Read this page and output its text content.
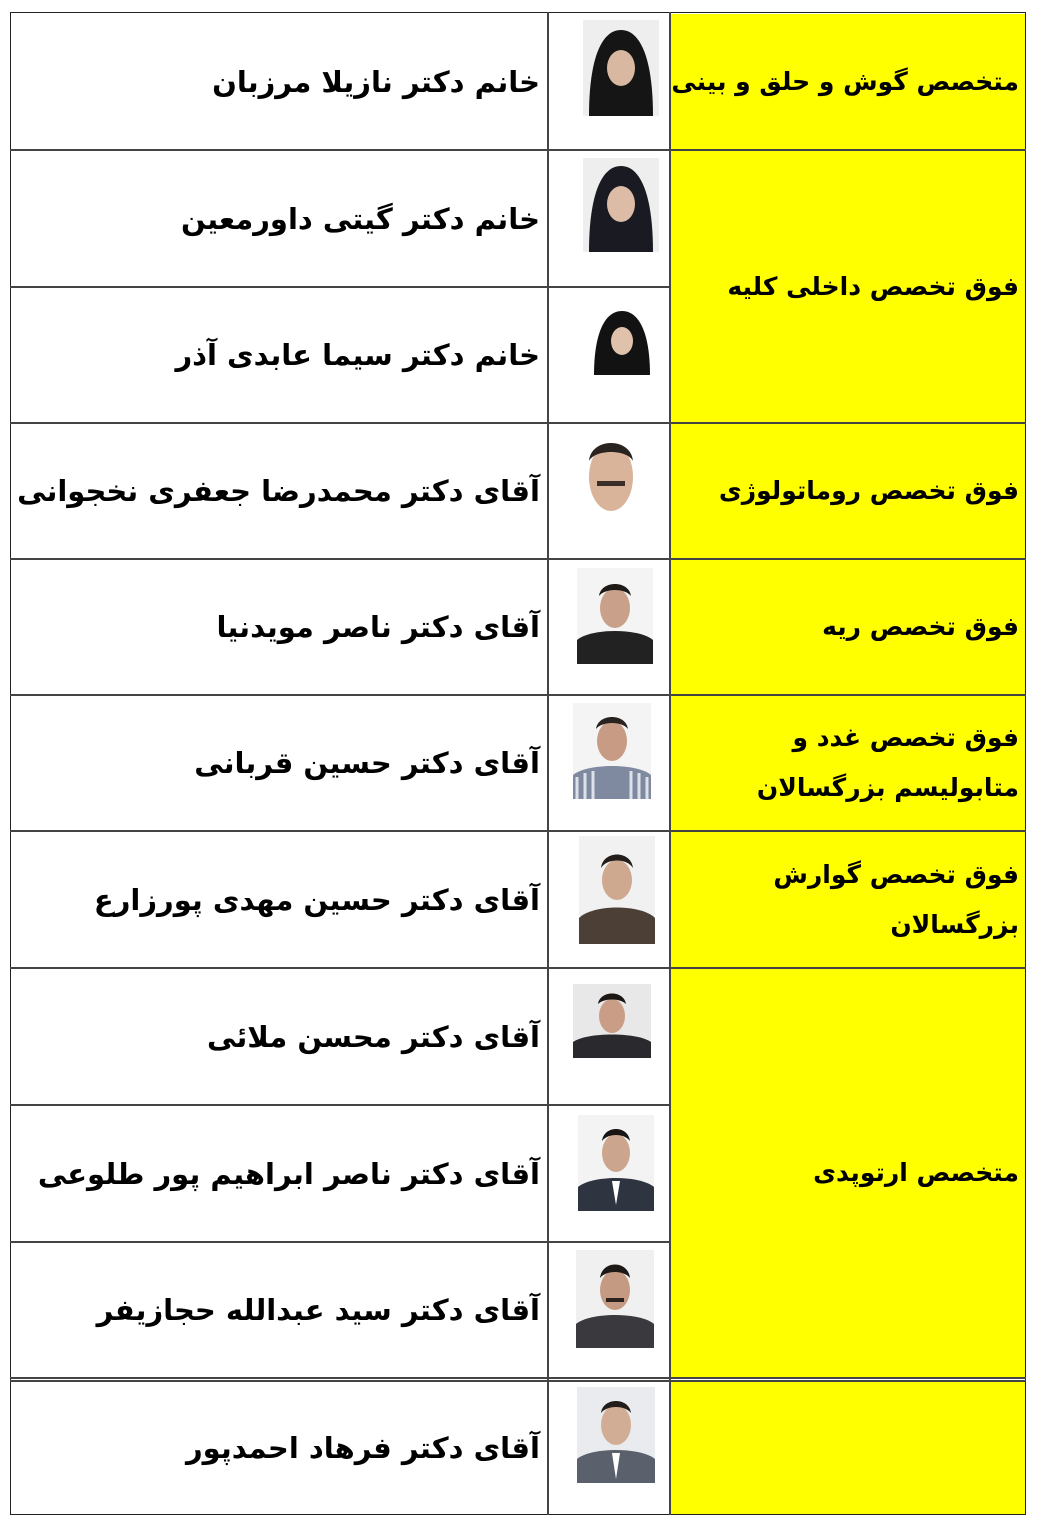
متخصص گوش و حلق و بینی
فوق تخصص داخلی کلیه
فوق تخصص روماتولوژی
فوق تخصص ریه
فوق تخصص غدد و متابولیسم بزرگسالان
فوق تخصص گوارش بزرگسالان
متخصص ارتوپدی
خانم دکتر نازیلا مرزبان
خانم دکتر گیتی داورمعین
خانم دکتر سیما عابدی آذر
آقای دکتر محمدرضا جعفری نخجوانی
آقای دکتر ناصر مویدنیا
آقای دکتر حسین قربانی
آقای دکتر حسین مهدی پورزارع
آقای دکتر محسن ملائی
آقای دکتر ناصر ابراهیم پور طلوعی
آقای دکتر سید عبدالله حجازیفر
آقای دکتر فرهاد احمدپور
